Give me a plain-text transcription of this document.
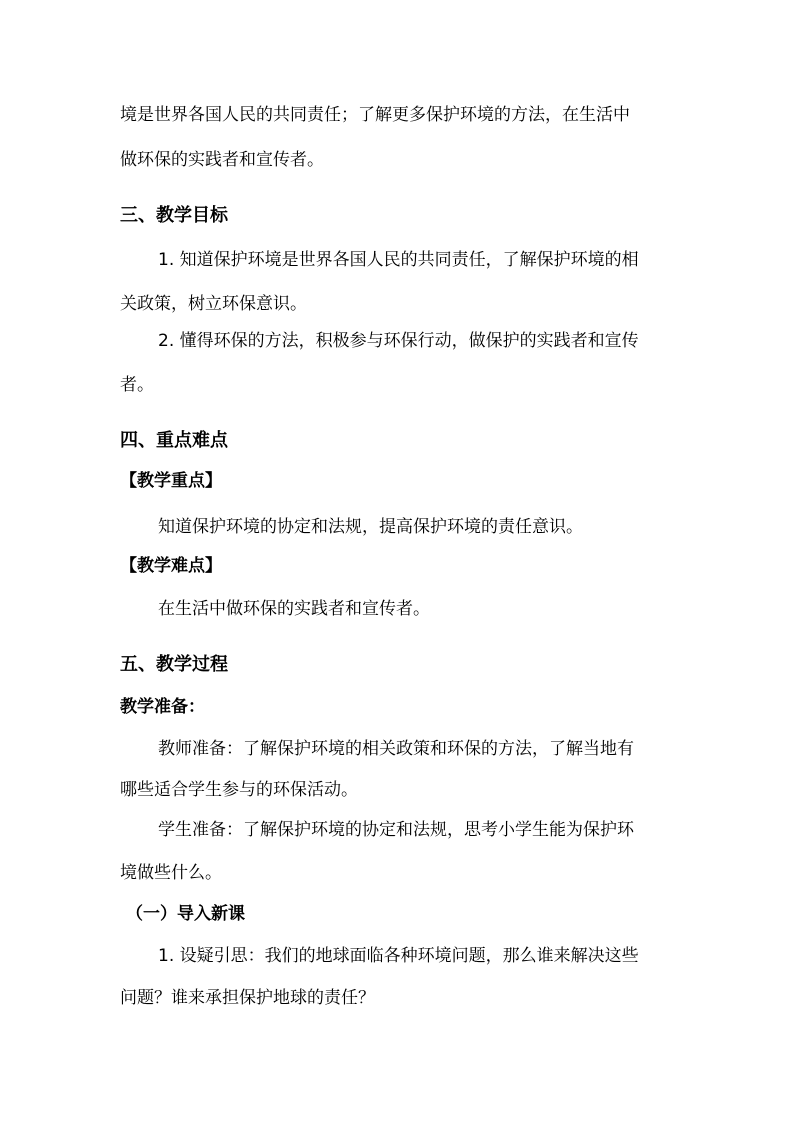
境是世界各国人民的共同责任；了解更多保护环境的方法，在生活中
做环保的实践者和宣传者。
三、教学目标
1. 知道保护环境是世界各国人民的共同责任，了解保护环境的相
关政策，树立环保意识。
2. 懂得环保的方法，积极参与环保行动，做保护的实践者和宣传
者。
四、重点难点
【教学重点】
知道保护环境的协定和法规，提高保护环境的责任意识。
【教学难点】
在生活中做环保的实践者和宣传者。
五、教学过程
教学准备：
教师准备：了解保护环境的相关政策和环保的方法，了解当地有
哪些适合学生参与的环保活动。
学生准备：了解保护环境的协定和法规，思考小学生能为保护环
境做些什么。
（一）导入新课
1. 设疑引思：我们的地球面临各种环境问题，那么谁来解决这些
问题？谁来承担保护地球的责任？
